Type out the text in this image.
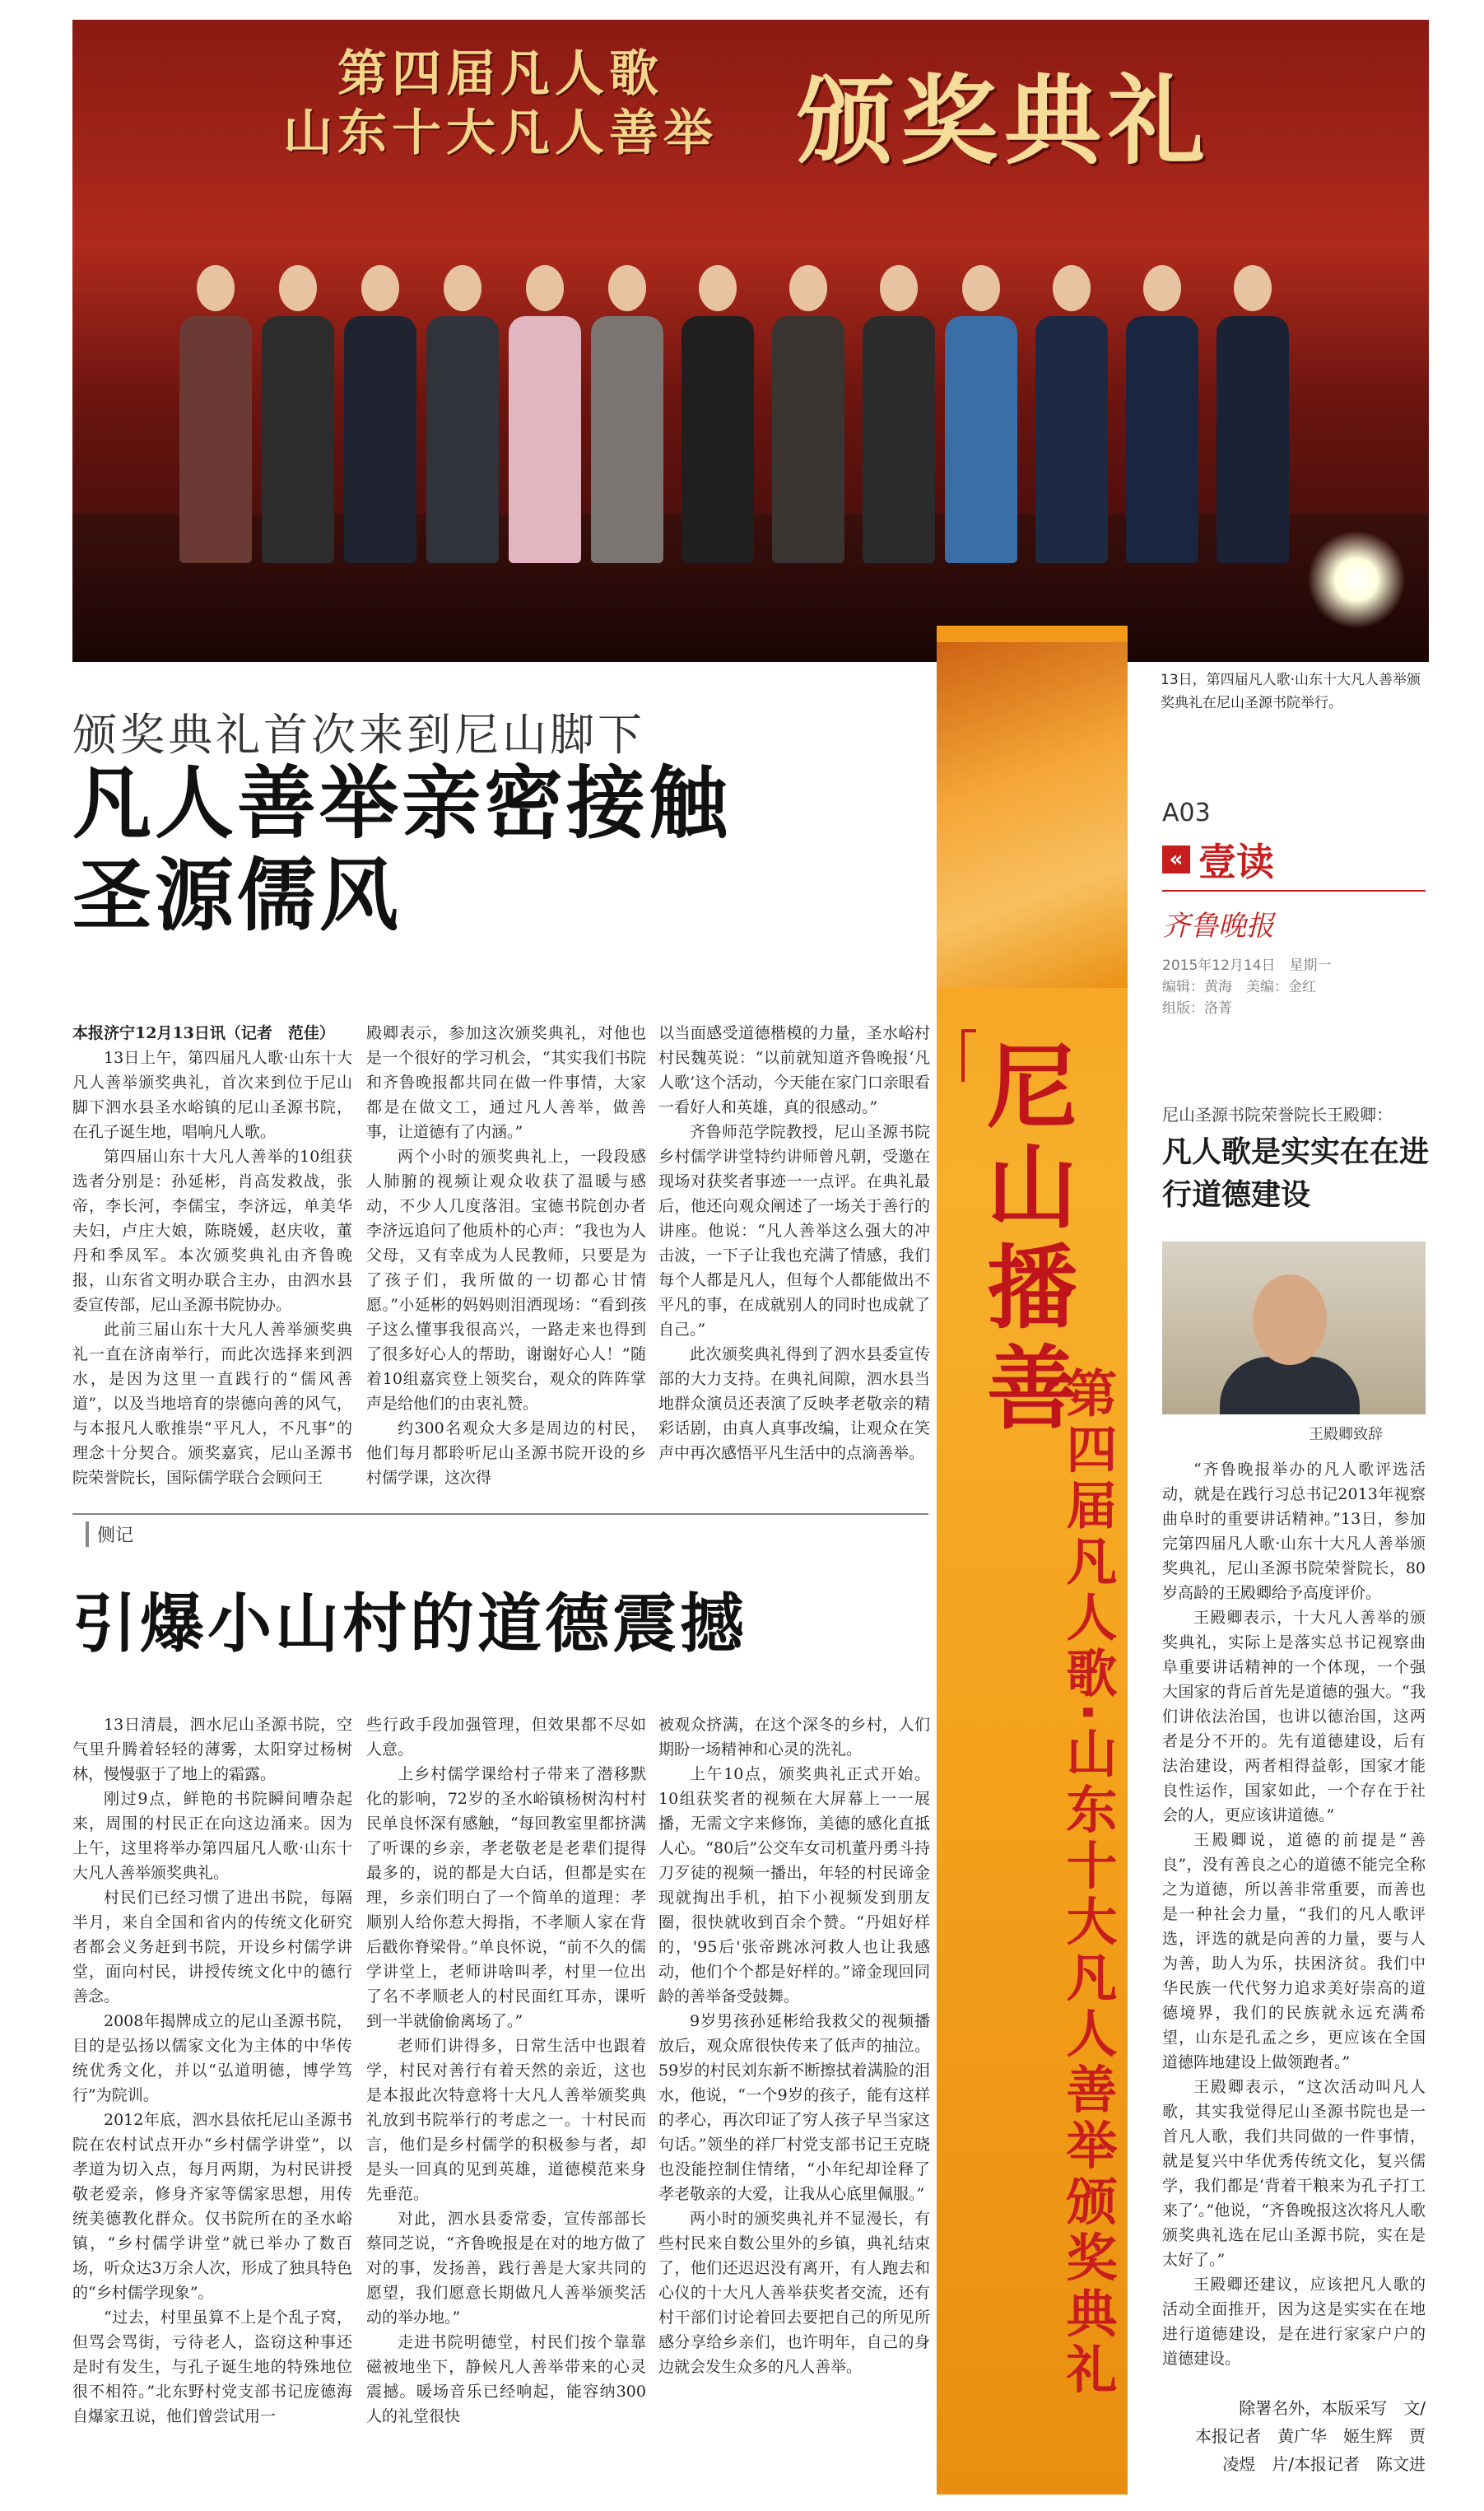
第四届凡人歌
山东十大凡人善举 颁奖典礼
13日，第四届凡人歌·山东十大凡人善举颁奖典礼在尼山圣源书院举行。
颁奖典礼首次来到尼山脚下
凡人善举亲密接触
圣源儒风
尼山播善
第四届凡人歌·山东十大凡人善举颁奖典礼
A03
« 壹读
齐鲁晚报
2015年12月14日　星期一
编辑：黄海　美编：金红
组版：洛菁
尼山圣源书院荣誉院长王殿卿：
凡人歌是实实在在进行道德建设
王殿卿致辞

“齐鲁晚报举办的凡人歌评选活动，就是在践行习总书记2013年视察曲阜时的重要讲话精神。”13日，参加完第四届凡人歌·山东十大凡人善举颁奖典礼，尼山圣源书院荣誉院长，80岁高龄的王殿卿给予高度评价。

王殿卿表示，十大凡人善举的颁奖典礼，实际上是落实总书记视察曲阜重要讲话精神的一个体现，一个强大国家的背后首先是道德的强大。“我们讲依法治国，也讲以德治国，这两者是分不开的。先有道德建设，后有法治建设，两者相得益彰，国家才能良性运作，国家如此，一个存在于社会的人，更应该讲道德。”

王殿卿说，道德的前提是“善良”，没有善良之心的道德不能完全称之为道德，所以善非常重要，而善也是一种社会力量，“我们的凡人歌评选，评选的就是向善的力量，要与人为善，助人为乐，扶困济贫。我们中华民族一代代努力追求美好崇高的道德境界，我们的民族就永远充满希望，山东是孔孟之乡，更应该在全国道德阵地建设上做领跑者。”

王殿卿表示，“这次活动叫凡人歌，其实我觉得尼山圣源书院也是一首凡人歌，我们共同做的一件事情，就是复兴中华优秀传统文化，复兴儒学，我们都是‘背着干粮来为孔子打工来了’。”他说，“齐鲁晚报这次将凡人歌颁奖典礼选在尼山圣源书院，实在是太好了。”

王殿卿还建议，应该把凡人歌的活动全面推开，因为这是实实在在地进行道德建设，是在进行家家户户的道德建设。

除署名外，本版采写　文/
本报记者　黄广华　姬生辉　贾
凌煜　片/本报记者　陈文进

本报济宁12月13日讯（记者　范佳）

13日上午，第四届凡人歌·山东十大凡人善举颁奖典礼，首次来到位于尼山脚下泗水县圣水峪镇的尼山圣源书院，在孔子诞生地，唱响凡人歌。

第四届山东十大凡人善举的10组获选者分别是：孙延彬，肖高发救战，张帝，李长河，李儒宝，李济远，单美华夫妇，卢庄大娘，陈晓媛，赵庆收，董丹和季凤军。本次颁奖典礼由齐鲁晚报，山东省文明办联合主办，由泗水县委宣传部，尼山圣源书院协办。

此前三届山东十大凡人善举颁奖典礼一直在济南举行，而此次选择来到泗水，是因为这里一直践行的“儒风善道”，以及当地培育的崇德向善的风气，与本报凡人歌推崇“平凡人，不凡事”的理念十分契合。颁奖嘉宾，尼山圣源书院荣誉院长，国际儒学联合会顾问王

殿卿表示，参加这次颁奖典礼，对他也是一个很好的学习机会，“其实我们书院和齐鲁晚报都共同在做一件事情，大家都是在做文工，通过凡人善举，做善事，让道德有了内涵。”

两个小时的颁奖典礼上，一段段感人肺腑的视频让观众收获了温暖与感动，不少人几度落泪。宝德书院创办者李济远追问了他质朴的心声：“我也为人父母，又有幸成为人民教师，只要是为了孩子们，我所做的一切都心甘情愿。”小延彬的妈妈则泪洒现场：“看到孩子这么懂事我很高兴，一路走来也得到了很多好心人的帮助，谢谢好心人！”随着10组嘉宾登上领奖台，观众的阵阵掌声是给他们的由衷礼赞。

约300名观众大多是周边的村民，他们每月都聆听尼山圣源书院开设的乡村儒学课，这次得

以当面感受道德楷模的力量，圣水峪村村民魏英说：“以前就知道齐鲁晚报‘凡人歌’这个活动，今天能在家门口亲眼看一看好人和英雄，真的很感动。”

齐鲁师范学院教授，尼山圣源书院乡村儒学讲堂特约讲师曾凡朝，受邀在现场对获奖者事迹一一点评。在典礼最后，他还向观众阐述了一场关于善行的讲座。他说：“凡人善举这么强大的冲击波，一下子让我也充满了情感，我们每个人都是凡人，但每个人都能做出不平凡的事，在成就别人的同时也成就了自己。”

此次颁奖典礼得到了泗水县委宣传部的大力支持。在典礼间隙，泗水县当地群众演员还表演了反映孝老敬亲的精彩话剧，由真人真事改编，让观众在笑声中再次感悟平凡生活中的点滴善举。

侧记
引爆小山村的道德震撼

13日清晨，泗水尼山圣源书院，空气里升腾着轻轻的薄雾，太阳穿过杨树林，慢慢驱于了地上的霜露。

刚过9点，鲜艳的书院瞬间嘈杂起来，周围的村民正在向这边涌来。因为上午，这里将举办第四届凡人歌·山东十大凡人善举颁奖典礼。

村民们已经习惯了进出书院，每隔半月，来自全国和省内的传统文化研究者都会义务赶到书院，开设乡村儒学讲堂，面向村民，讲授传统文化中的德行善念。

2008年揭牌成立的尼山圣源书院，目的是弘扬以儒家文化为主体的中华传统优秀文化，并以“弘道明德，博学笃行”为院训。

2012年底，泗水县依托尼山圣源书院在农村试点开办“乡村儒学讲堂”，以孝道为切入点，每月两期，为村民讲授敬老爱亲，修身齐家等儒家思想，用传统美德教化群众。仅书院所在的圣水峪镇，“乡村儒学讲堂”就已举办了数百场，听众达3万余人次，形成了独具特色的“乡村儒学现象”。

“过去，村里虽算不上是个乱子窝，但骂会骂街，亏待老人，盗窃这种事还是时有发生，与孔子诞生地的特殊地位很不相符。”北东野村党支部书记庞德海自爆家丑说，他们曾尝试用一

些行政手段加强管理，但效果都不尽如人意。

上乡村儒学课给村子带来了潜移默化的影响，72岁的圣水峪镇杨树沟村村民单良怀深有感触，“每回教室里都挤满了听课的乡亲，孝老敬老是老辈们提得最多的，说的都是大白话，但都是实在理，乡亲们明白了一个简单的道理：孝顺别人给你惹大拇指，不孝顺人家在背后戳你脊梁骨。”单良怀说，“前不久的儒学讲堂上，老师讲啥叫孝，村里一位出了名不孝顺老人的村民面红耳赤，课听到一半就偷偷离场了。”

老师们讲得多，日常生活中也跟着学，村民对善行有着天然的亲近，这也是本报此次特意将十大凡人善举颁奖典礼放到书院举行的考虑之一。十村民而言，他们是乡村儒学的积极参与者，却是头一回真的见到英雄，道德模范来身先垂范。

对此，泗水县委常委，宣传部部长蔡同芝说，“齐鲁晚报是在对的地方做了对的事，发扬善，践行善是大家共同的愿望，我们愿意长期做凡人善举颁奖活动的举办地。”

走进书院明德堂，村民们按个靠靠磁被地坐下，静候凡人善举带来的心灵震撼。暖场音乐已经响起，能容纳300人的礼堂很快

被观众挤满，在这个深冬的乡村，人们期盼一场精神和心灵的洗礼。

上午10点，颁奖典礼正式开始。10组获奖者的视频在大屏幕上一一展播，无需文字来修饰，美德的感化直抵人心。“80后”公交车女司机董丹勇斗持刀歹徒的视频一播出，年轻的村民谛金现就掏出手机，拍下小视频发到朋友圈，很快就收到百余个赞。“丹姐好样的，'95后'张帝跳冰河救人也让我感动，他们个个都是好样的。”谛金现回同龄的善举备受鼓舞。

9岁男孩孙延彬给我救父的视频播放后，观众席很快传来了低声的抽泣。59岁的村民刘东新不断擦拭着满脸的泪水，他说，“一个9岁的孩子，能有这样的孝心，再次印证了穷人孩子早当家这句话。”领坐的祥厂村党支部书记王克晓也没能控制住情绪，“小年纪却诠释了孝老敬亲的大爱，让我从心底里佩服。”

两小时的颁奖典礼并不显漫长，有些村民来自数公里外的乡镇，典礼结束了，他们还迟迟没有离开，有人跑去和心仪的十大凡人善举获奖者交流，还有村干部们讨论着回去要把自己的所见所感分享给乡亲们，也许明年，自己的身边就会发生众多的凡人善举。
